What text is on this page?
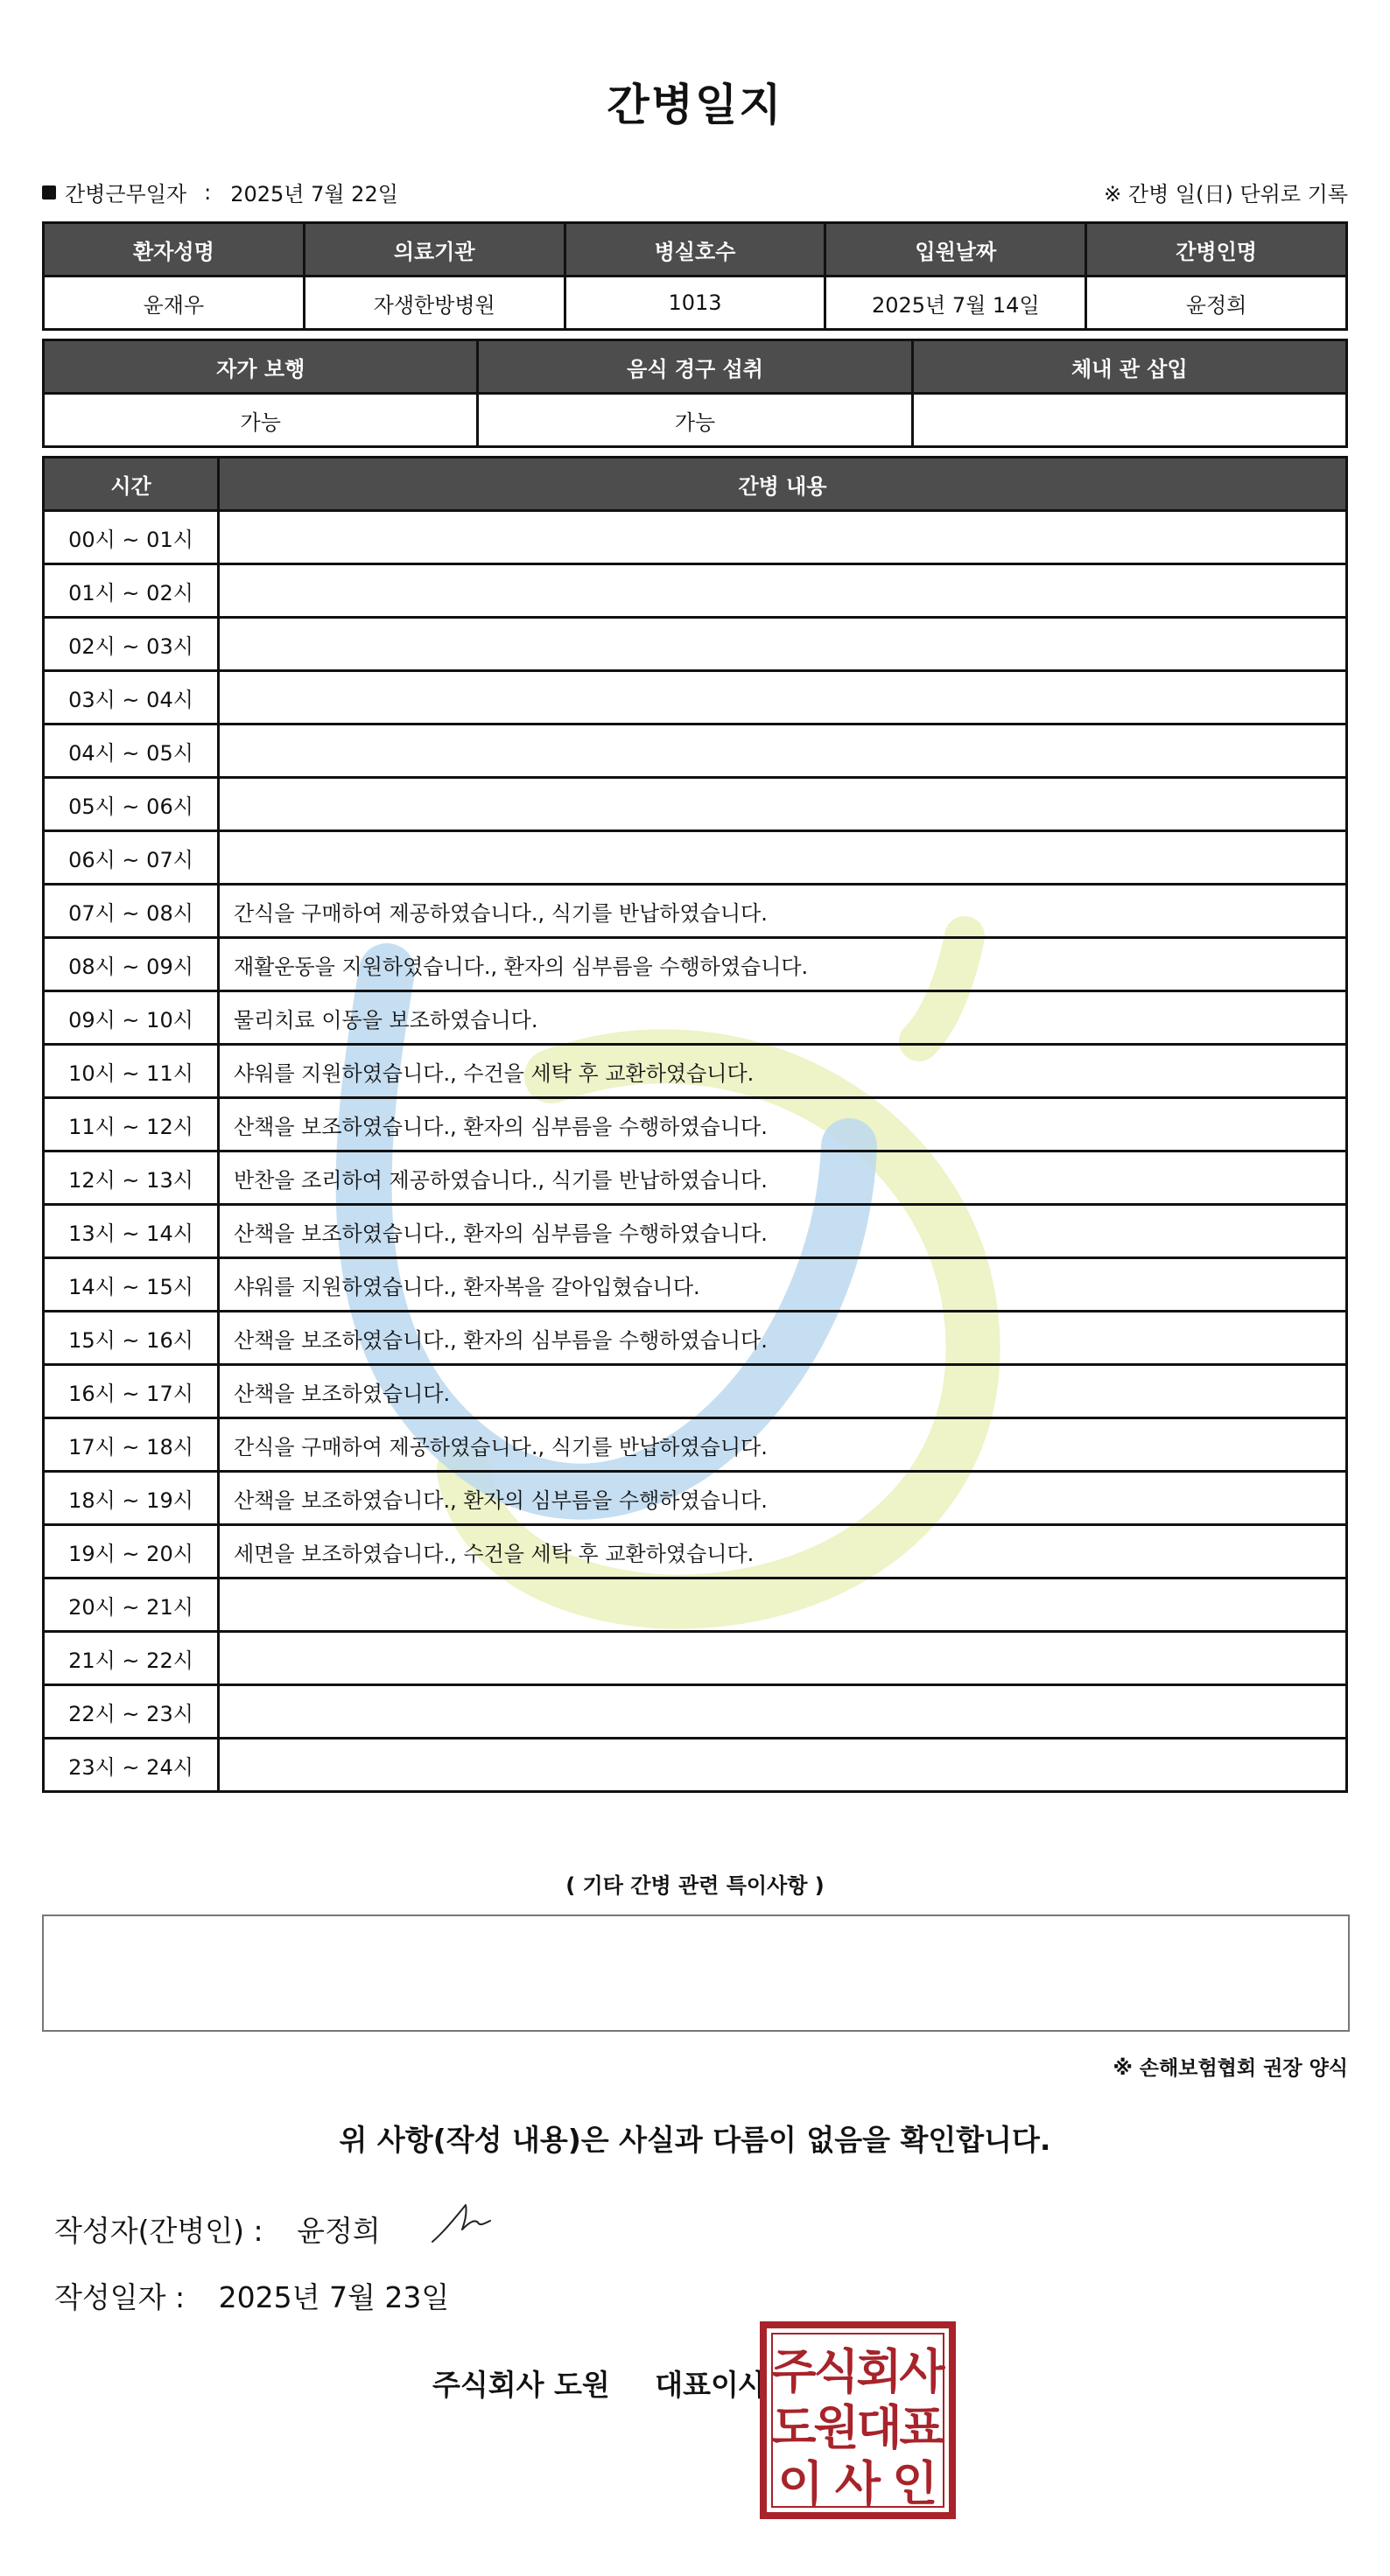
간병일지
간병근무일자 : 2025년 7월 22일	※ 간병 일(日) 단위로 기록
환자성명	의료기관	병실호수	입원날짜	간병인명
윤재우	자생한방병원	1013	2025년 7월 14일	윤정희
자가 보행	음식 경구 섭취	체내 관 삽입
가능	가능	
시간	간병 내용
00시 ~ 01시	
01시 ~ 02시	
02시 ~ 03시	
03시 ~ 04시	
04시 ~ 05시	
05시 ~ 06시	
06시 ~ 07시	
07시 ~ 08시	간식을 구매하여 제공하였습니다., 식기를 반납하였습니다.
08시 ~ 09시	재활운동을 지원하였습니다., 환자의 심부름을 수행하였습니다.
09시 ~ 10시	물리치료 이동을 보조하였습니다.
10시 ~ 11시	샤워를 지원하였습니다., 수건을 세탁 후 교환하였습니다.
11시 ~ 12시	산책을 보조하였습니다., 환자의 심부름을 수행하였습니다.
12시 ~ 13시	반찬을 조리하여 제공하였습니다., 식기를 반납하였습니다.
13시 ~ 14시	산책을 보조하였습니다., 환자의 심부름을 수행하였습니다.
14시 ~ 15시	샤워를 지원하였습니다., 환자복을 갈아입혔습니다.
15시 ~ 16시	산책을 보조하였습니다., 환자의 심부름을 수행하였습니다.
16시 ~ 17시	산책을 보조하였습니다.
17시 ~ 18시	간식을 구매하여 제공하였습니다., 식기를 반납하였습니다.
18시 ~ 19시	산책을 보조하였습니다., 환자의 심부름을 수행하였습니다.
19시 ~ 20시	세면을 보조하였습니다., 수건을 세탁 후 교환하였습니다.
20시 ~ 21시	
21시 ~ 22시	
22시 ~ 23시	
23시 ~ 24시	
( 기타 간병 관련 특이사항 )
※ 손해보험협회 권장 양식
위 사항(작성 내용)은 사실과 다름이 없음을 확인합니다.
작성자(간병인) : 윤정희
작성일자 : 2025년 7월 23일
주식회사 도원 대표이사 주
식
회
사
도
원
대
표
이 사 인
